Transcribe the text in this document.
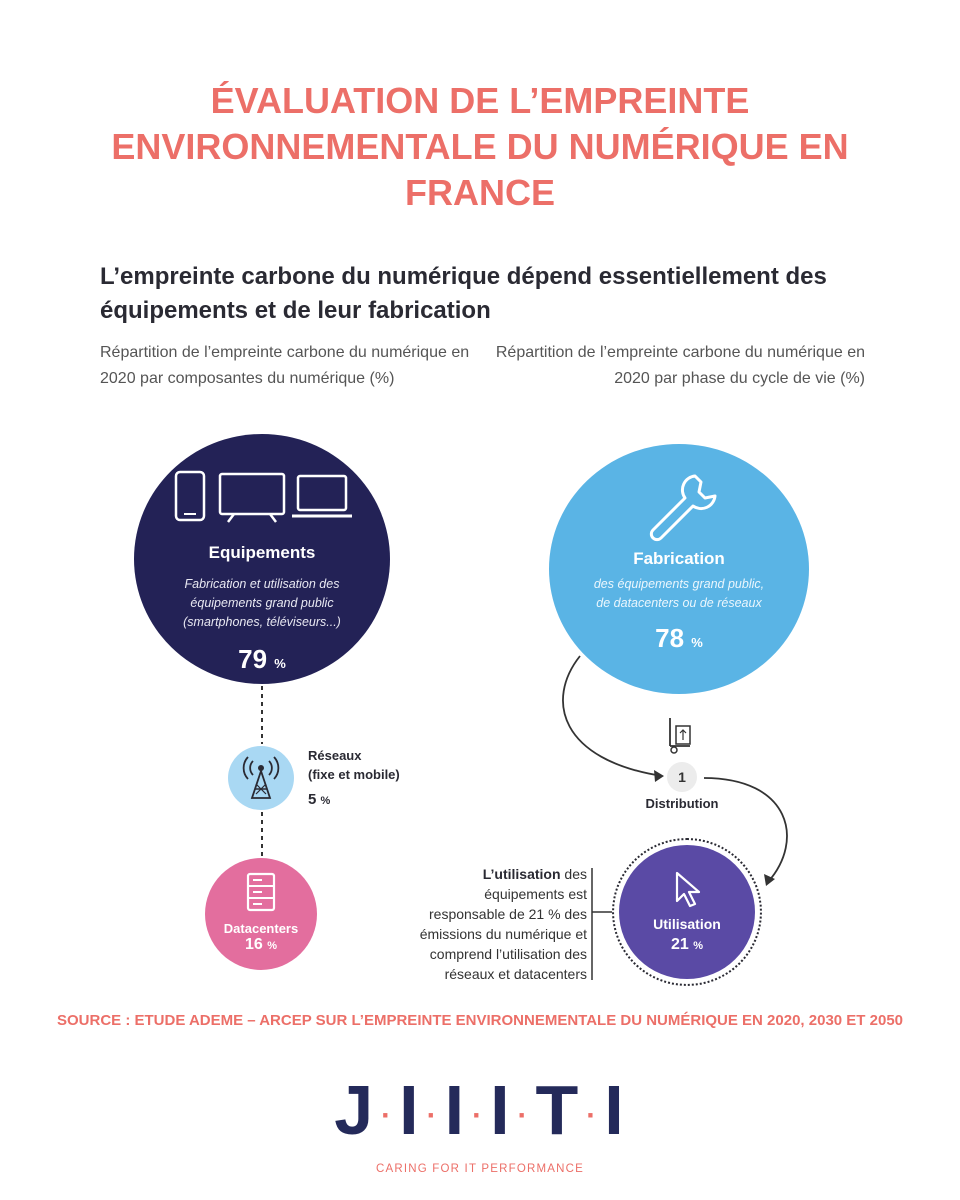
ÉVALUATION DE L’EMPREINTE ENVIRONNEMENTALE DU NUMÉRIQUE EN FRANCE
L’empreinte carbone du numérique dépend essentiellement des équipements et de leur fabrication
Répartition de l’empreinte carbone du numérique en 2020 par composantes du numérique (%)
Répartition de l’empreinte carbone du numérique en 2020 par phase du cycle de vie (%)
Equipements
Fabrication et utilisation des
équipements grand public
(smartphones, téléviseurs...)
79 %
Réseaux
(fixe et mobile)
5 %
Datacenters
16 %
Fabrication
des équipements grand public,
de datacenters ou de réseaux
78 %
1
Distribution
Utilisation
21 %
L’utilisation des
équipements est
responsable de 21 % des
émissions du numérique et
comprend l’utilisation des
réseaux et datacenters
SOURCE : ETUDE ADEME – ARCEP SUR L’EMPREINTE ENVIRONNEMENTALE DU NUMÉRIQUE EN 2020, 2030 ET 2050
J ·I ·I ·I ·T ·I
CARING FOR IT PERFORMANCE
